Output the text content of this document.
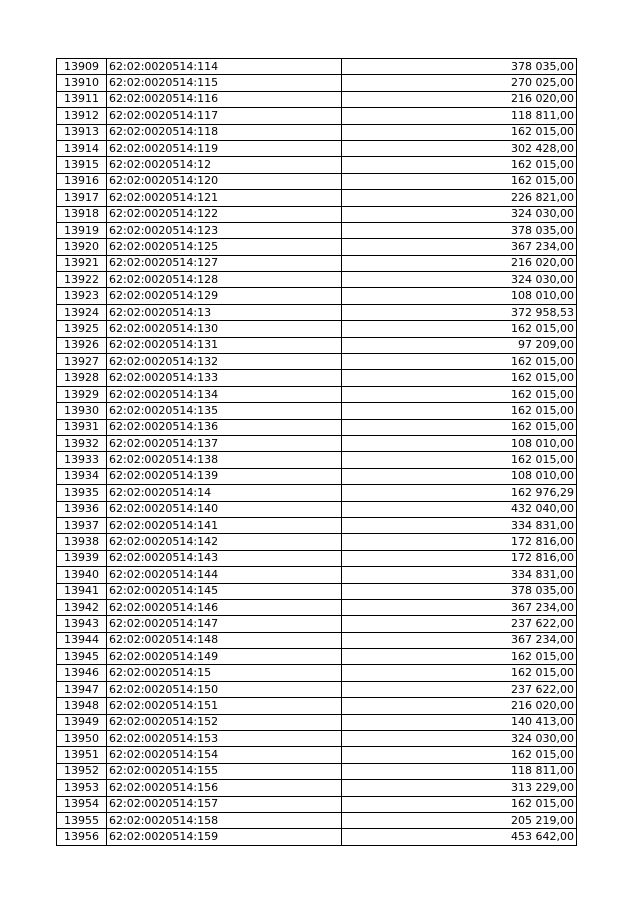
13909	62:02:0020514:114	378 035,00
13910	62:02:0020514:115	270 025,00
13911	62:02:0020514:116	216 020,00
13912	62:02:0020514:117	118 811,00
13913	62:02:0020514:118	162 015,00
13914	62:02:0020514:119	302 428,00
13915	62:02:0020514:12	162 015,00
13916	62:02:0020514:120	162 015,00
13917	62:02:0020514:121	226 821,00
13918	62:02:0020514:122	324 030,00
13919	62:02:0020514:123	378 035,00
13920	62:02:0020514:125	367 234,00
13921	62:02:0020514:127	216 020,00
13922	62:02:0020514:128	324 030,00
13923	62:02:0020514:129	108 010,00
13924	62:02:0020514:13	372 958,53
13925	62:02:0020514:130	162 015,00
13926	62:02:0020514:131	97 209,00
13927	62:02:0020514:132	162 015,00
13928	62:02:0020514:133	162 015,00
13929	62:02:0020514:134	162 015,00
13930	62:02:0020514:135	162 015,00
13931	62:02:0020514:136	162 015,00
13932	62:02:0020514:137	108 010,00
13933	62:02:0020514:138	162 015,00
13934	62:02:0020514:139	108 010,00
13935	62:02:0020514:14	162 976,29
13936	62:02:0020514:140	432 040,00
13937	62:02:0020514:141	334 831,00
13938	62:02:0020514:142	172 816,00
13939	62:02:0020514:143	172 816,00
13940	62:02:0020514:144	334 831,00
13941	62:02:0020514:145	378 035,00
13942	62:02:0020514:146	367 234,00
13943	62:02:0020514:147	237 622,00
13944	62:02:0020514:148	367 234,00
13945	62:02:0020514:149	162 015,00
13946	62:02:0020514:15	162 015,00
13947	62:02:0020514:150	237 622,00
13948	62:02:0020514:151	216 020,00
13949	62:02:0020514:152	140 413,00
13950	62:02:0020514:153	324 030,00
13951	62:02:0020514:154	162 015,00
13952	62:02:0020514:155	118 811,00
13953	62:02:0020514:156	313 229,00
13954	62:02:0020514:157	162 015,00
13955	62:02:0020514:158	205 219,00
13956	62:02:0020514:159	453 642,00
